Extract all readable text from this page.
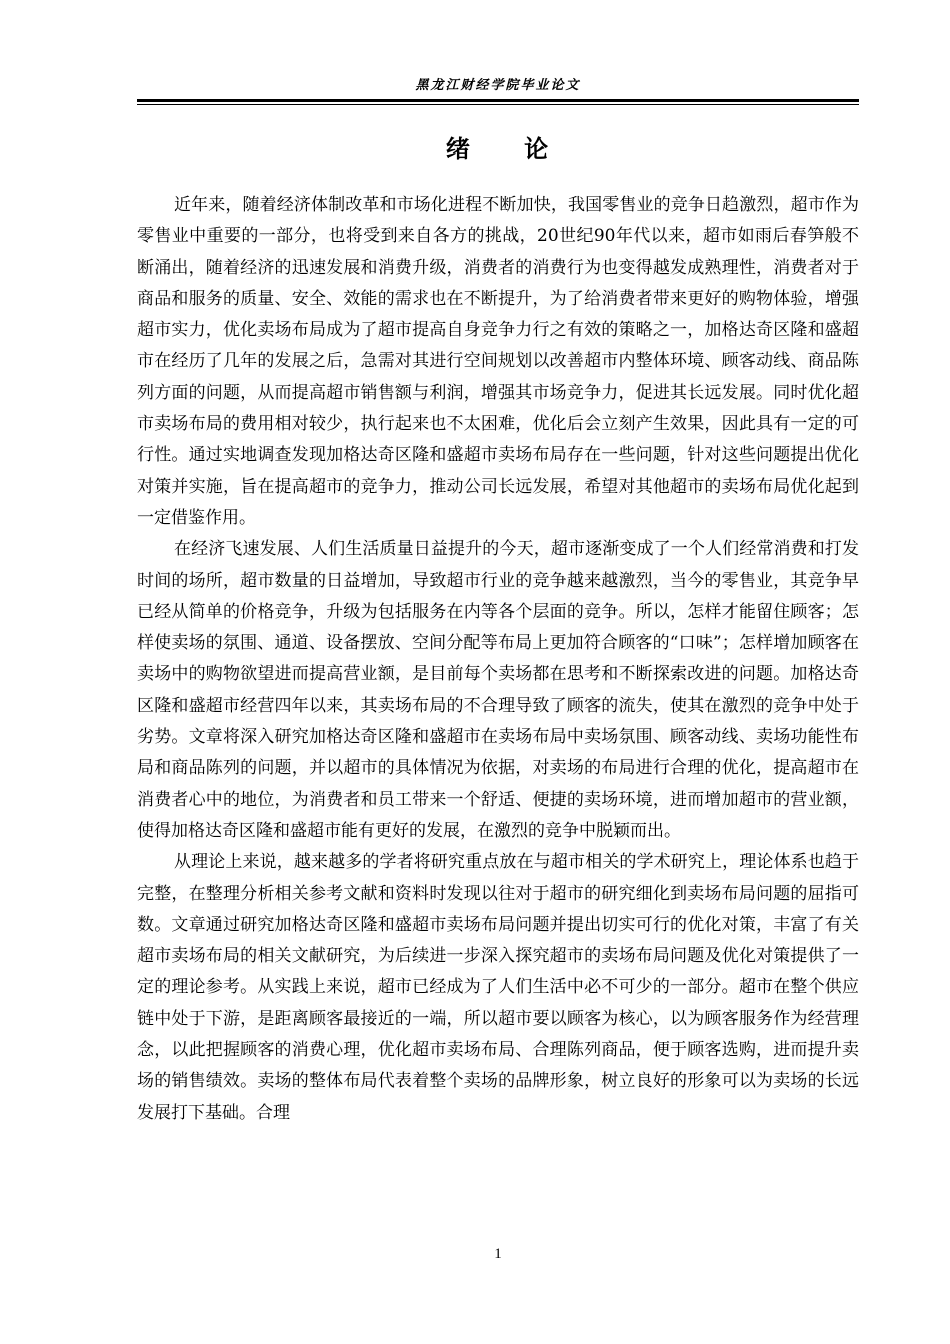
黑龙江财经学院毕业论文
绪 论

近年来，随着经济体制改革和市场化进程不断加快，我国零售业的竞争日趋激烈，超市作为零售业中重要的一部分，也将受到来自各方的挑战，20世纪90年代以来，超市如雨后春笋般不断涌出，随着经济的迅速发展和消费升级，消费者的消费行为也变得越发成熟理性，消费者对于商品和服务的质量、安全、效能的需求也在不断提升，为了给消费者带来更好的购物体验，增强超市实力，优化卖场布局成为了超市提高自身竞争力行之有效的策略之一，加格达奇区隆和盛超市在经历了几年的发展之后，急需对其进行空间规划以改善超市内整体环境、顾客动线、商品陈列方面的问题，从而提高超市销售额与利润，增强其市场竞争力，促进其长远发展。同时优化超市卖场布局的费用相对较少，执行起来也不太困难，优化后会立刻产生效果，因此具有一定的可行性。通过实地调查发现加格达奇区隆和盛超市卖场布局存在一些问题，针对这些问题提出优化对策并实施，旨在提高超市的竞争力，推动公司长远发展，希望对其他超市的卖场布局优化起到一定借鉴作用。

在经济飞速发展、人们生活质量日益提升的今天，超市逐渐变成了一个人们经常消费和打发时间的场所，超市数量的日益增加，导致超市行业的竞争越来越激烈，当今的零售业，其竞争早已经从简单的价格竞争，升级为包括服务在内等各个层面的竞争。所以，怎样才能留住顾客；怎样使卖场的氛围、通道、设备摆放、空间分配等布局上更加符合顾客的“口味”；怎样增加顾客在卖场中的购物欲望进而提高营业额，是目前每个卖场都在思考和不断探索改进的问题。加格达奇区隆和盛超市经营四年以来，其卖场布局的不合理导致了顾客的流失，使其在激烈的竞争中处于劣势。文章将深入研究加格达奇区隆和盛超市在卖场布局中卖场氛围、顾客动线、卖场功能性布局和商品陈列的问题，并以超市的具体情况为依据，对卖场的布局进行合理的优化，提高超市在消费者心中的地位，为消费者和员工带来一个舒适、便捷的卖场环境，进而增加超市的营业额，使得加格达奇区隆和盛超市能有更好的发展，在激烈的竞争中脱颖而出。

从理论上来说，越来越多的学者将研究重点放在与超市相关的学术研究上，理论体系也趋于完整，在整理分析相关参考文献和资料时发现以往对于超市的研究细化到卖场布局问题的屈指可数。文章通过研究加格达奇区隆和盛超市卖场布局问题并提出切实可行的优化对策，丰富了有关超市卖场布局的相关文献研究，为后续进一步深入探究超市的卖场布局问题及优化对策提供了一定的理论参考。从实践上来说，超市已经成为了人们生活中必不可少的一部分。超市在整个供应链中处于下游，是距离顾客最接近的一端，所以超市要以顾客为核心，以为顾客服务作为经营理念，以此把握顾客的消费心理，优化超市卖场布局、合理陈列商品，便于顾客选购，进而提升卖场的销售绩效。卖场的整体布局代表着整个卖场的品牌形象，树立良好的形象可以为卖场的长远发展打下基础。合理

1
